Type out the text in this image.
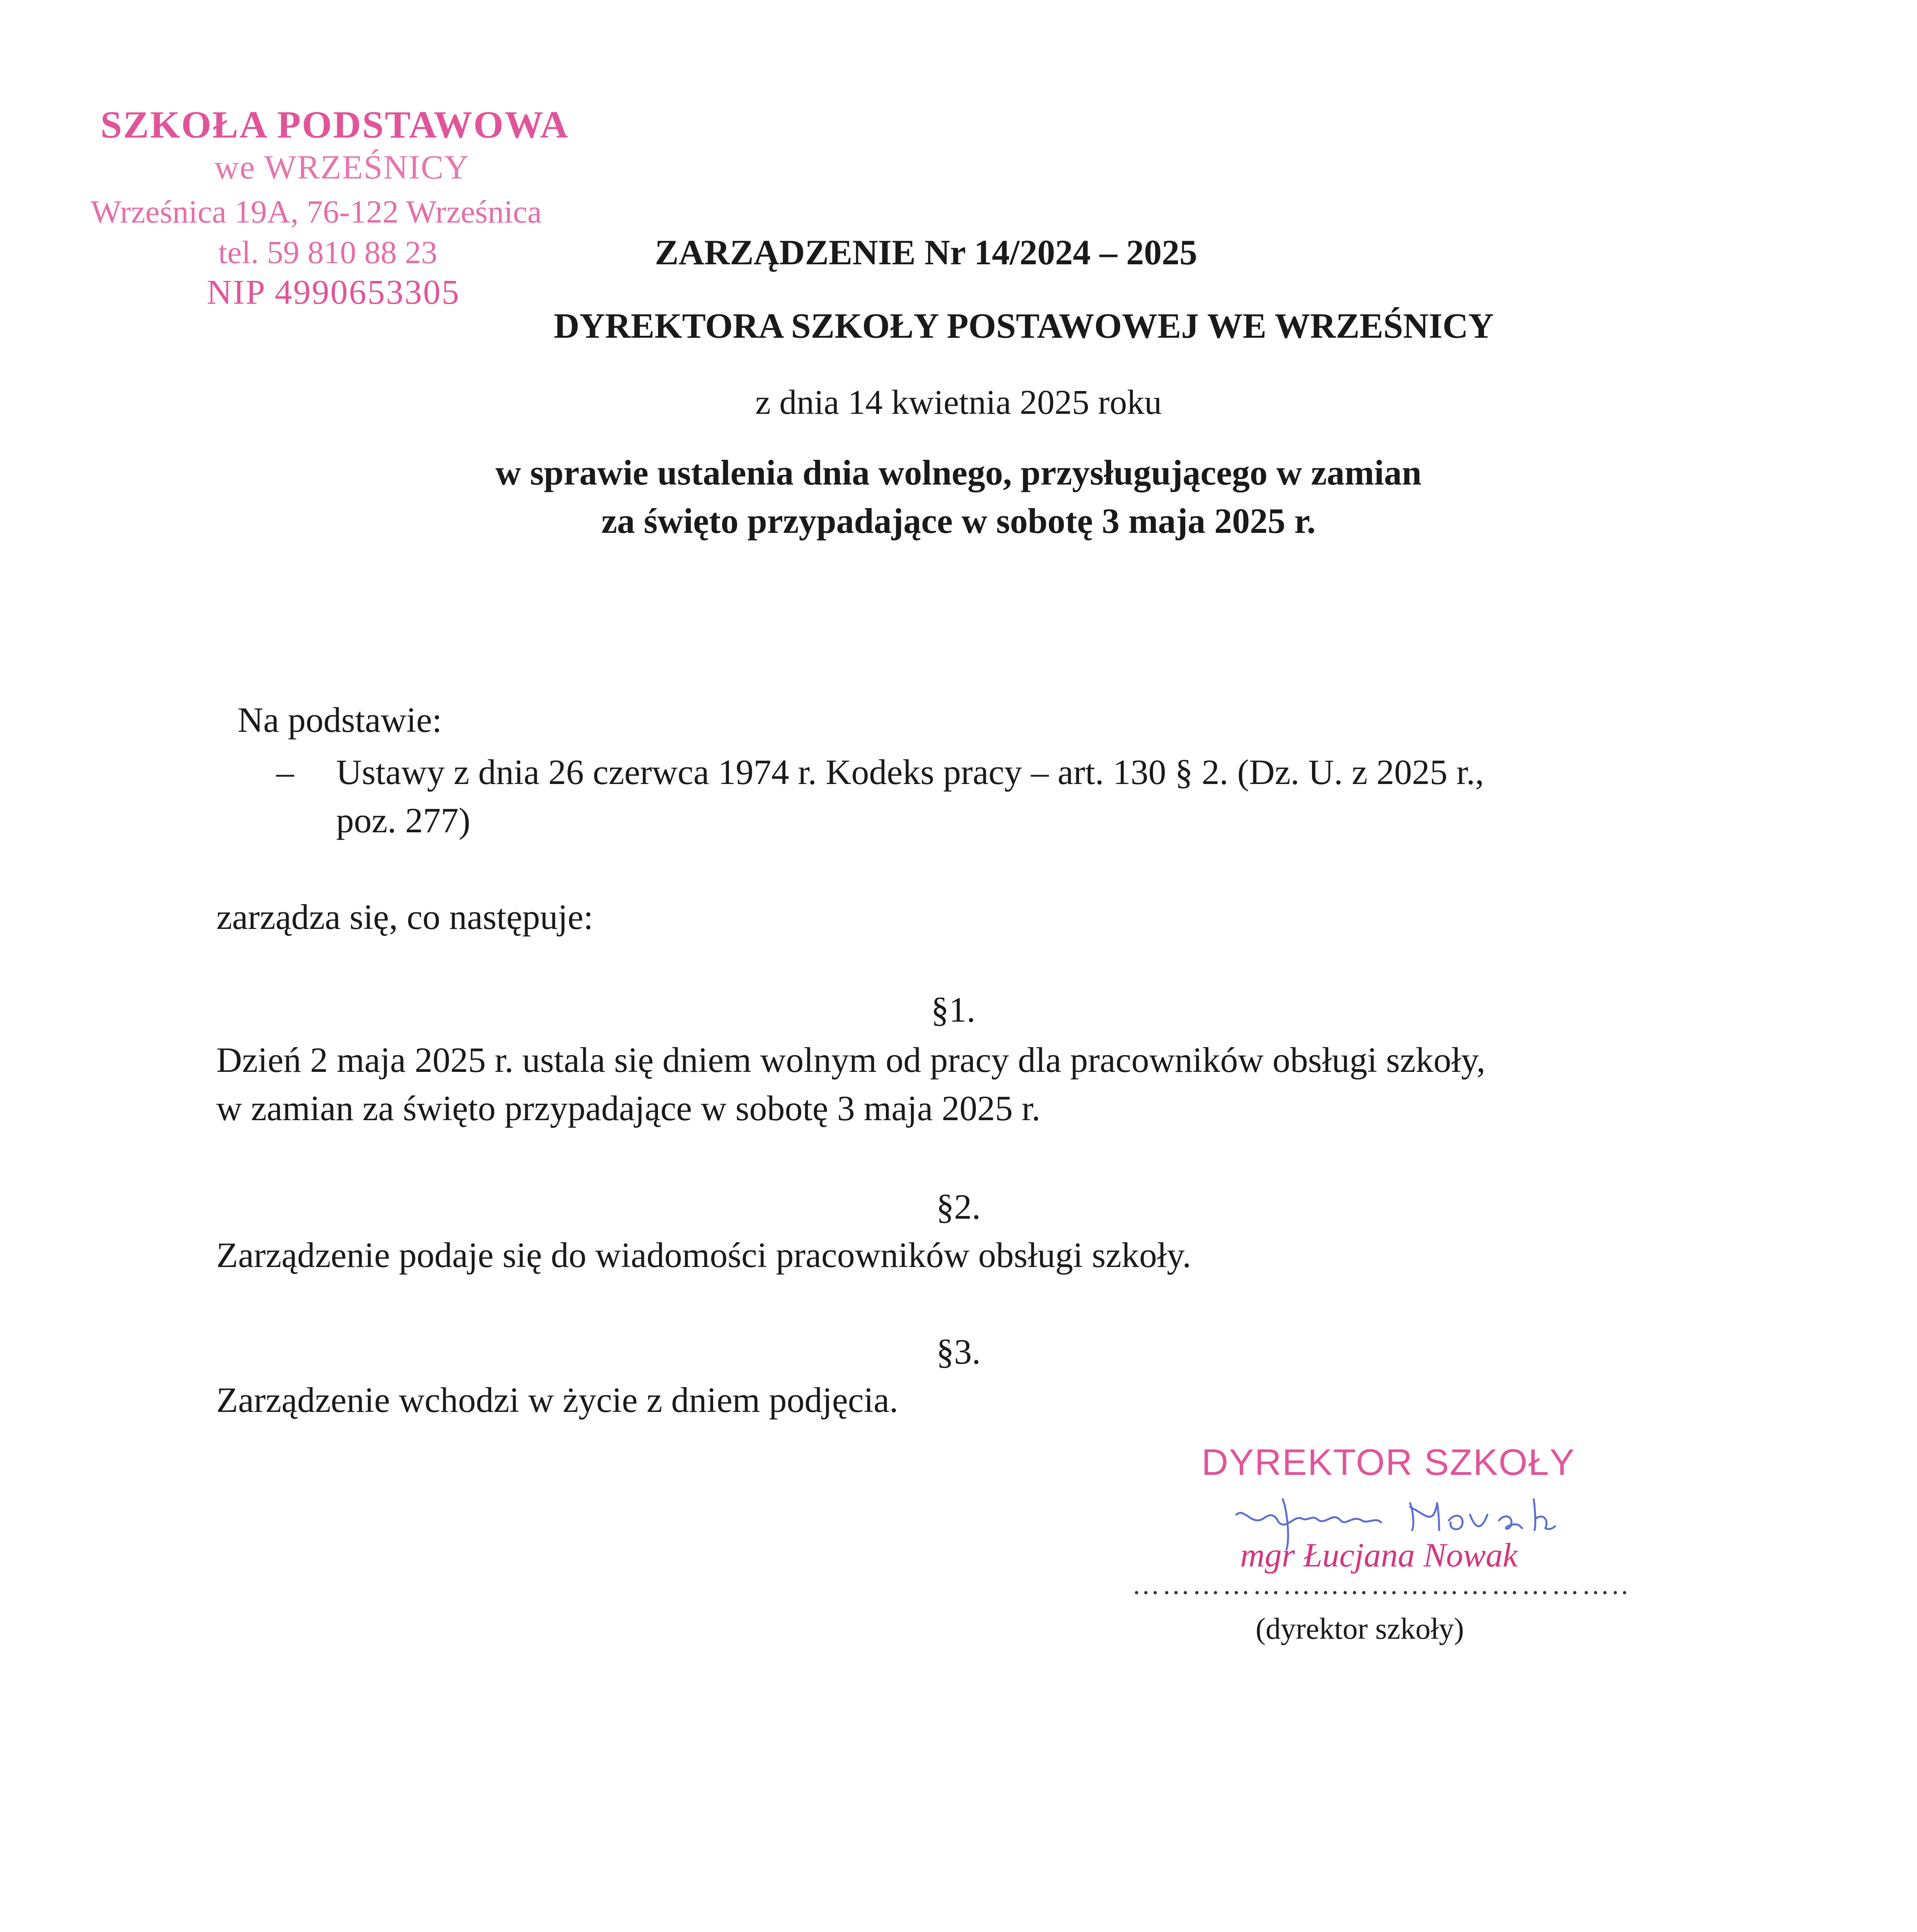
SZKOŁA PODSTAWOWA
we WRZEŚNICY
Wrześnica 19A, 76-122 Wrześnica
tel. 59 810 88 23
NIP 4990653305
ZARZĄDZENIE Nr 14/2024 – 2025
DYREKTORA SZKOŁY POSTAWOWEJ WE WRZEŚNICY
z dnia 14 kwietnia 2025 roku
w sprawie ustalenia dnia wolnego, przysługującego w zamian
za święto przypadające w sobotę 3 maja 2025 r.
Na podstawie:
– Ustawy z dnia 26 czerwca 1974 r. Kodeks pracy – art. 130 § 2. (Dz. U. z 2025 r.,
poz. 277)
zarządza się, co następuje:
§1.
Dzień 2 maja 2025 r. ustala się dniem wolnym od pracy dla pracowników obsługi szkoły,
w zamian za święto przypadające w sobotę 3 maja 2025 r.
§2.
Zarządzenie podaje się do wiadomości pracowników obsługi szkoły.
§3.
Zarządzenie wchodzi w życie z dniem podjęcia.
DYREKTOR SZKOŁY
mgr Łucjana Nowak
………………...………………………..
(dyrektor szkoły)
